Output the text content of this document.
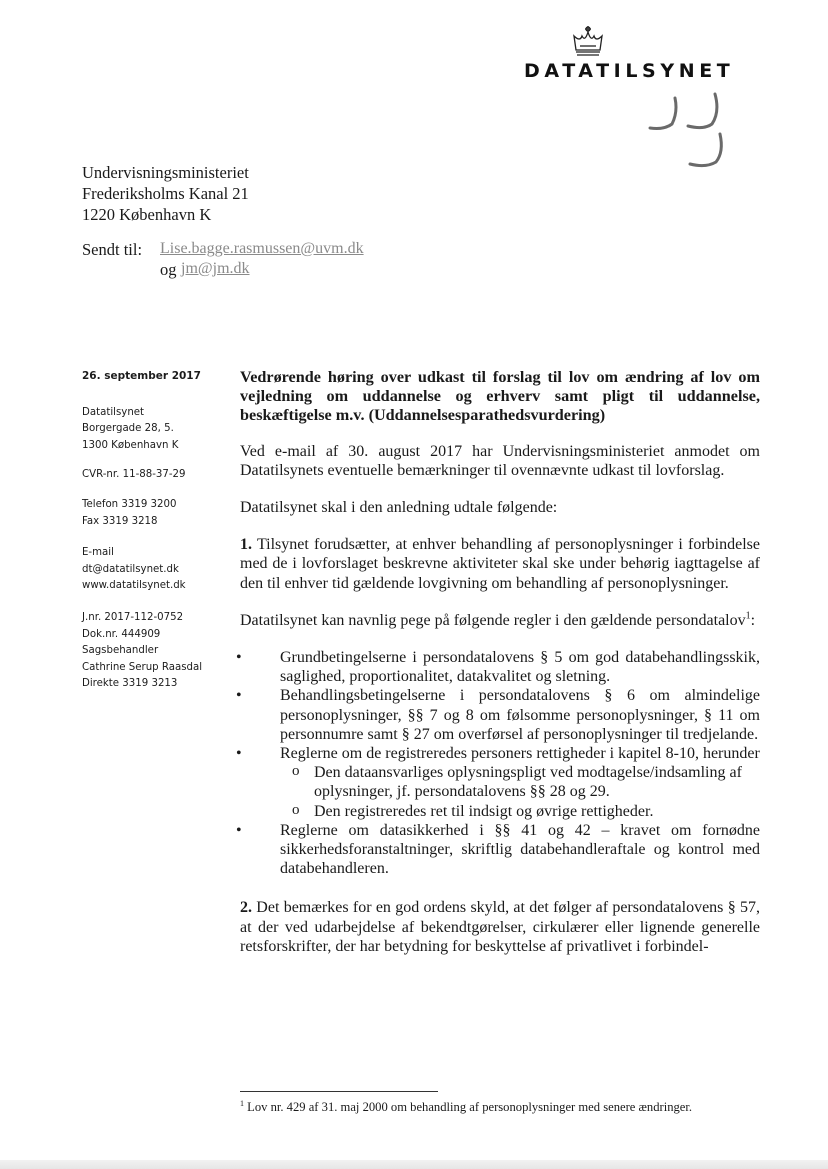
DATATILSYNET
Undervisningsministeriet
Frederiksholms Kanal 21
1220 København K
Sendt til: Lise.bagge.rasmussen@uvm.dk
og jm@jm.dk
26. september 2017
Datatilsynet
Borgergade 28, 5.
1300 København K
CVR-nr. 11-88-37-29
Telefon 3319 3200
Fax 3319 3218
E-mail
dt@datatilsynet.dk
www.datatilsynet.dk
J.nr. 2017-112-0752
Dok.nr. 444909
Sagsbehandler
Cathrine Serup Raasdal
Direkte 3319 3213

Vedrørende høring over udkast til forslag til lov om ændring af lov om vejledning om uddannelse og erhverv samt pligt til uddannelse, beskæftigelse m.v. (Uddannelsesparathedsvurdering)

Ved e-mail af 30. august 2017 har Undervisningsministeriet anmodet om Datatilsynets eventuelle bemærkninger til ovennævnte udkast til lovforslag.

Datatilsynet skal i den anledning udtale følgende:

1. Tilsynet forudsætter, at enhver behandling af personoplysninger i forbindelse med de i lovforslaget beskrevne aktiviteter skal ske under behørig iagttagelse af den til enhver tid gældende lovgivning om behandling af personoplysninger.

Datatilsynet kan navnlig pege på følgende regler i den gældende persondatalov$^1$:

• Grundbetingelserne i persondatalovens § 5 om god databehandlingsskik, saglighed, proportionalitet, datakvalitet og sletning.
• Behandlingsbetingelserne i persondatalovens § 6 om almindelige personoplysninger, §§ 7 og 8 om følsomme personoplysninger, § 11 om personnumre samt § 27 om overførsel af personoplysninger til tredjelande.
• Reglerne om de registreredes personers rettigheder i kapitel 8-10, herunder
o Den dataansvarliges oplysningspligt ved modtagelse/indsamling af oplysninger, jf. persondatalovens §§ 28 og 29.
o Den registreredes ret til indsigt og øvrige rettigheder.
• Reglerne om datasikkerhed i §§ 41 og 42 – kravet om fornødne sikkerhedsforanstaltninger, skriftlig databehandleraftale og kontrol med databehandleren.

2. Det bemærkes for en god ordens skyld, at det følger af persondatalovens § 57, at der ved udarbejdelse af bekendtgørelser, cirkulærer eller lignende generelle retsforskrifter, der har betydning for beskyttelse af privatlivet i forbindel-

$^1$ Lov nr. 429 af 31. maj 2000 om behandling af personoplysninger med senere ændringer.
